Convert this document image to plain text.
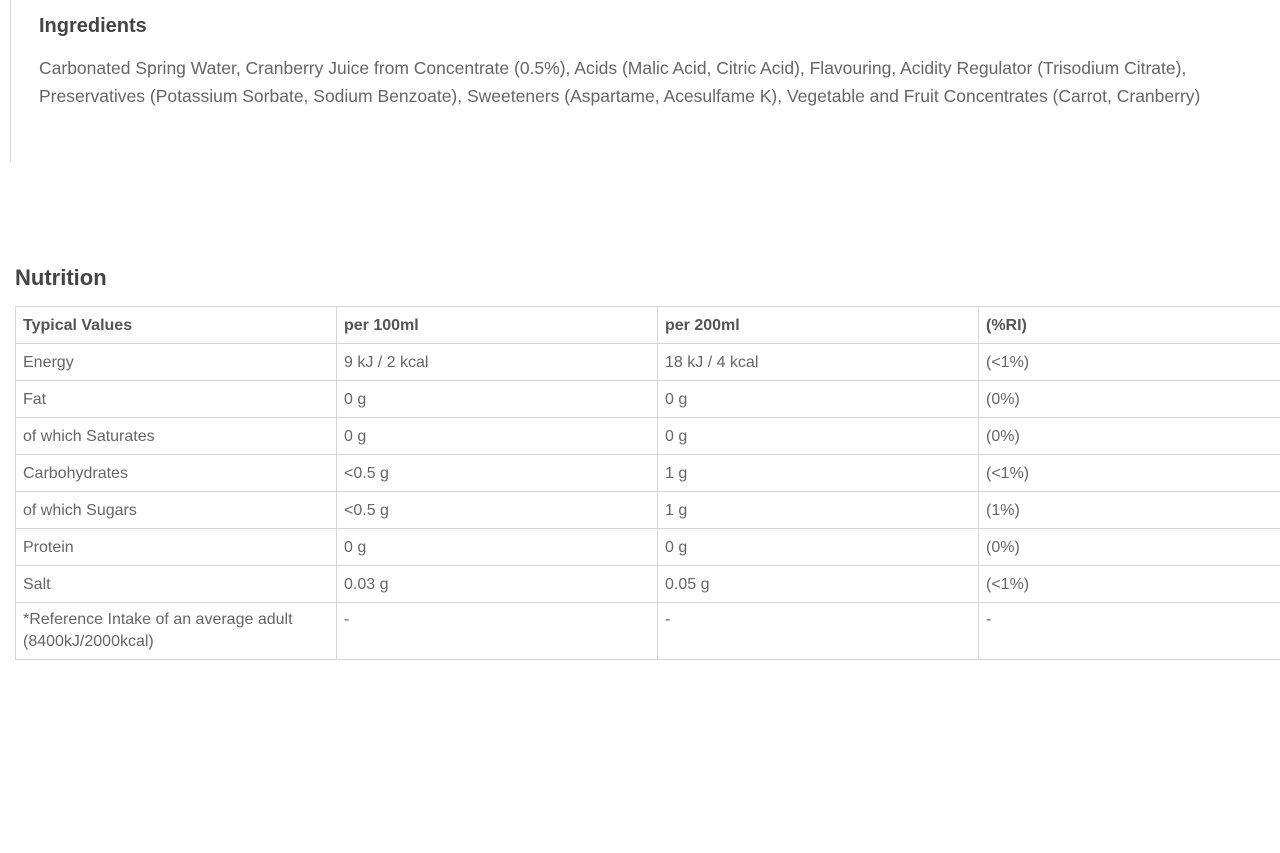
Ingredients

Carbonated Spring Water, Cranberry Juice from Concentrate (0.5%), Acids (Malic Acid, Citric Acid), Flavouring, Acidity Regulator (Trisodium Citrate), Preservatives (Potassium Sorbate, Sodium Benzoate), Sweeteners (Aspartame, Acesulfame K), Vegetable and Fruit Concentrates (Carrot, Cranberry)

Nutrition
Typical Values	per 100ml	per 200ml	(%RI)
Energy	9 kJ / 2 kcal	18 kJ / 4 kcal	(<1%)
Fat	0 g	0 g	(0%)
of which Saturates	0 g	0 g	(0%)
Carbohydrates	<0.5 g	1 g	(<1%)
of which Sugars	<0.5 g	1 g	(1%)
Protein	0 g	0 g	(0%)
Salt	0.03 g	0.05 g	(<1%)
*Reference Intake of an average adult (8400kJ/2000kcal)	-	-	-
